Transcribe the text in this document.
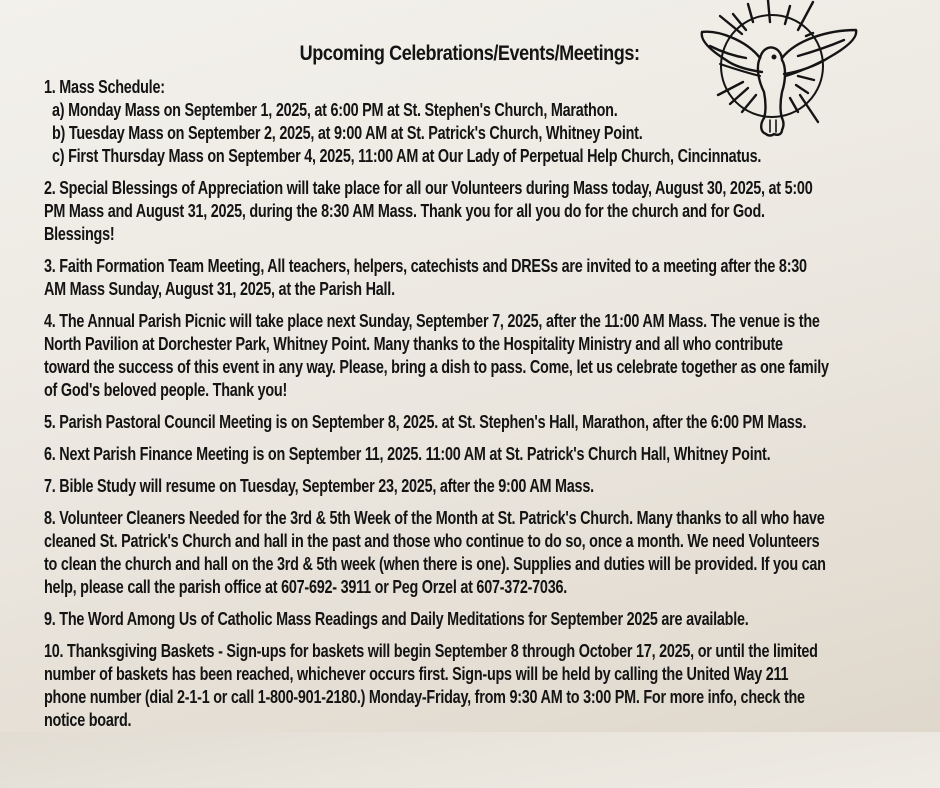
Upcoming Celebrations/Events/Meetings:
1. Mass Schedule:
a) Monday Mass on September 1, 2025, at 6:00 PM at St. Stephen's Church, Marathon.
b) Tuesday Mass on September 2, 2025, at 9:00 AM at St. Patrick's Church, Whitney Point.
c) First Thursday Mass on September 4, 2025, 11:00 AM at Our Lady of Perpetual Help Church, Cincinnatus.
2. Special Blessings of Appreciation will take place for all our Volunteers during Mass today, August 30, 2025, at 5:00
PM Mass and August 31, 2025, during the 8:30 AM Mass. Thank you for all you do for the church and for God.
Blessings!
3. Faith Formation Team Meeting, All teachers, helpers, catechists and DRESs are invited to a meeting after the 8:30
AM Mass Sunday, August 31, 2025, at the Parish Hall.
4. The Annual Parish Picnic will take place next Sunday, September 7, 2025, after the 11:00 AM Mass. The venue is the
North Pavilion at Dorchester Park, Whitney Point. Many thanks to the Hospitality Ministry and all who contribute
toward the success of this event in any way. Please, bring a dish to pass. Come, let us celebrate together as one family
of God's beloved people. Thank you!
5. Parish Pastoral Council Meeting is on September 8, 2025. at St. Stephen's Hall, Marathon, after the 6:00 PM Mass.
6. Next Parish Finance Meeting is on September 11, 2025. 11:00 AM at St. Patrick's Church Hall, Whitney Point.
7. Bible Study will resume on Tuesday, September 23, 2025, after the 9:00 AM Mass.
8. Volunteer Cleaners Needed for the 3rd & 5th Week of the Month at St. Patrick's Church. Many thanks to all who have
cleaned St. Patrick's Church and hall in the past and those who continue to do so, once a month. We need Volunteers
to clean the church and hall on the 3rd & 5th week (when there is one). Supplies and duties will be provided. If you can
help, please call the parish office at 607-692- 3911 or Peg Orzel at 607-372-7036.
9. The Word Among Us of Catholic Mass Readings and Daily Meditations for September 2025 are available.
10. Thanksgiving Baskets - Sign-ups for baskets will begin September 8 through October 17, 2025, or until the limited
number of baskets has been reached, whichever occurs first. Sign-ups will be held by calling the United Way 211
phone number (dial 2-1-1 or call 1-800-901-2180.) Monday-Friday, from 9:30 AM to 3:00 PM. For more info, check the
notice board.
